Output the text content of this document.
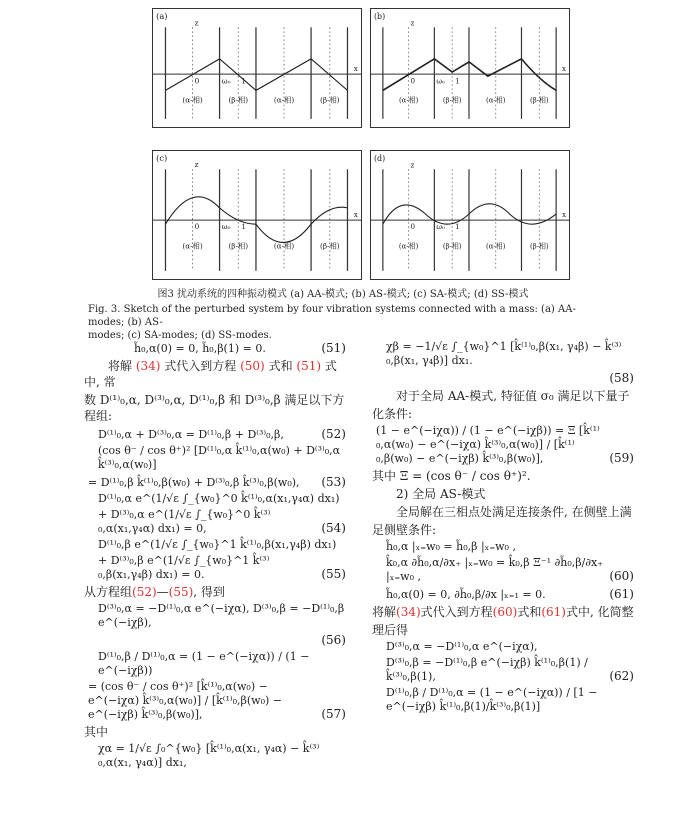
(a)
z
x
0	ω₀ 1
(α-相)	(β-相)	(α-相)	(β-相)
(b)
z
x
0	ω₀ 1
(α-相)	(β-相)	(α-相)	(β-相)
(c)
z
x
0	ω₀ 1
(α-相)	(β-相)	(α-相)	(β-相)
(d)
z
x
0	ω₀ 1
(α-相)	(β-相)	(α-相)	(β-相)
图3 扰动系统的四种振动模式 (a) AA-模式; (b) AS-模式; (c) SA-模式; (d) SS-模式
Fig. 3. Sketch of the perturbed system by four vibration systems connected with a mass: (a) AA-modes; (b) AS-
modes; (c) SA-modes; (d) SS-modes.
h̃₀,α(0) = 0, h̃₀,β(1) = 0.	(51)
将解 (34) 式代入到方程 (50) 式和 (51) 式中, 常
数 D⁽¹⁾₀,α, D⁽³⁾₀,α, D⁽¹⁾₀,β 和 D⁽³⁾₀,β 满足以下方程组:
D⁽¹⁾₀,α + D⁽³⁾₀,α = D⁽¹⁾₀,β + D⁽³⁾₀,β,	(52)
(cos θ⁻ / cos θ⁺)² [D⁽¹⁾₀,α k̂⁽¹⁾₀,α(w₀) + D⁽³⁾₀,α k̂⁽³⁾₀,α(w₀)]
= D⁽¹⁾₀,β k̂⁽¹⁾₀,β(w₀) + D⁽³⁾₀,β k̂⁽³⁾₀,β(w₀),	(53)
D⁽¹⁾₀,α e^(1/√ε ∫_{w₀}^0 k̂⁽¹⁾₀,α(x₁,γ₄α) dx₁)
+ D⁽³⁾₀,α e^(1/√ε ∫_{w₀}^0 k̂⁽³⁾₀,α(x₁,γ₄α) dx₁) = 0,	(54)
D⁽¹⁾₀,β e^(1/√ε ∫_{w₀}^1 k̂⁽¹⁾₀,β(x₁,γ₄β) dx₁)
+ D⁽³⁾₀,β e^(1/√ε ∫_{w₀}^1 k̂⁽³⁾₀,β(x₁,γ₄β) dx₁) = 0.	(55)
从方程组(52)—(55), 得到
D⁽³⁾₀,α = −D⁽¹⁾₀,α e^(−iχα), D⁽³⁾₀,β = −D⁽¹⁾₀,β e^(−iχβ),
(56)
D⁽¹⁾₀,β / D⁽¹⁾₀,α = (1 − e^(−iχα)) / (1 − e^(−iχβ))
= (cos θ⁻ / cos θ⁺)² [k̂⁽¹⁾₀,α(w₀) − e^(−iχα) k̂⁽³⁾₀,α(w₀)] / [k̂⁽¹⁾₀,β(w₀) − e^(−iχβ) k̂⁽³⁾₀,β(w₀)],	(57)
其中
χα = 1/√ε ∫₀^{w₀} [k̂⁽¹⁾₀,α(x₁, γ₄α) − k̂⁽³⁾₀,α(x₁, γ₄α)] dx₁,
χβ = −1/√ε ∫_{w₀}^1 [k̂⁽¹⁾₀,β(x₁, γ₄β) − k̂⁽³⁾₀,β(x₁, γ₄β)] dx₁.
(58)
对于全局 AA-模式, 特征值 σ₀ 满足以下量子
化条件:
(1 − e^(−iχα)) / (1 − e^(−iχβ)) = Ξ [k̂⁽¹⁾₀,α(w₀) − e^(−iχα) k̂⁽³⁾₀,α(w₀)] / [k̂⁽¹⁾₀,β(w₀) − e^(−iχβ) k̂⁽³⁾₀,β(w₀)],	(59)
其中 Ξ = (cos θ⁻ / cos θ⁺)².
2) 全局 AS-模式
全局解在三相点处满足连接条件, 在侧壁上满
足侧壁条件:
h̃₀,α |ₓ₌w₀ = h̃₀,β |ₓ₌w₀ ,
k̂₀,α ∂h̃₀,α/∂x₊ |ₓ₌w₀ = k̂₀,β Ξ⁻¹ ∂h̃₀,β/∂x₊ |ₓ₌w₀ ,	(60)
h̃₀,α(0) = 0, ∂h̃₀,β/∂x |ₓ₌₁ = 0.	(61)
将解(34)式代入到方程(60)式和(61)式中, 化简整
理后得
D⁽³⁾₀,α = −D⁽¹⁾₀,α e^(−iχα),
D⁽³⁾₀,β = −D⁽¹⁾₀,β e^(−iχβ) k̂⁽¹⁾₀,β(1) / k̂⁽³⁾₀,β(1),	(62)
D⁽¹⁾₀,β / D⁽¹⁾₀,α = (1 − e^(−iχα)) / [1 − e^(−iχβ) k̂⁽¹⁾₀,β(1)/k̂⁽³⁾₀,β(1)]
